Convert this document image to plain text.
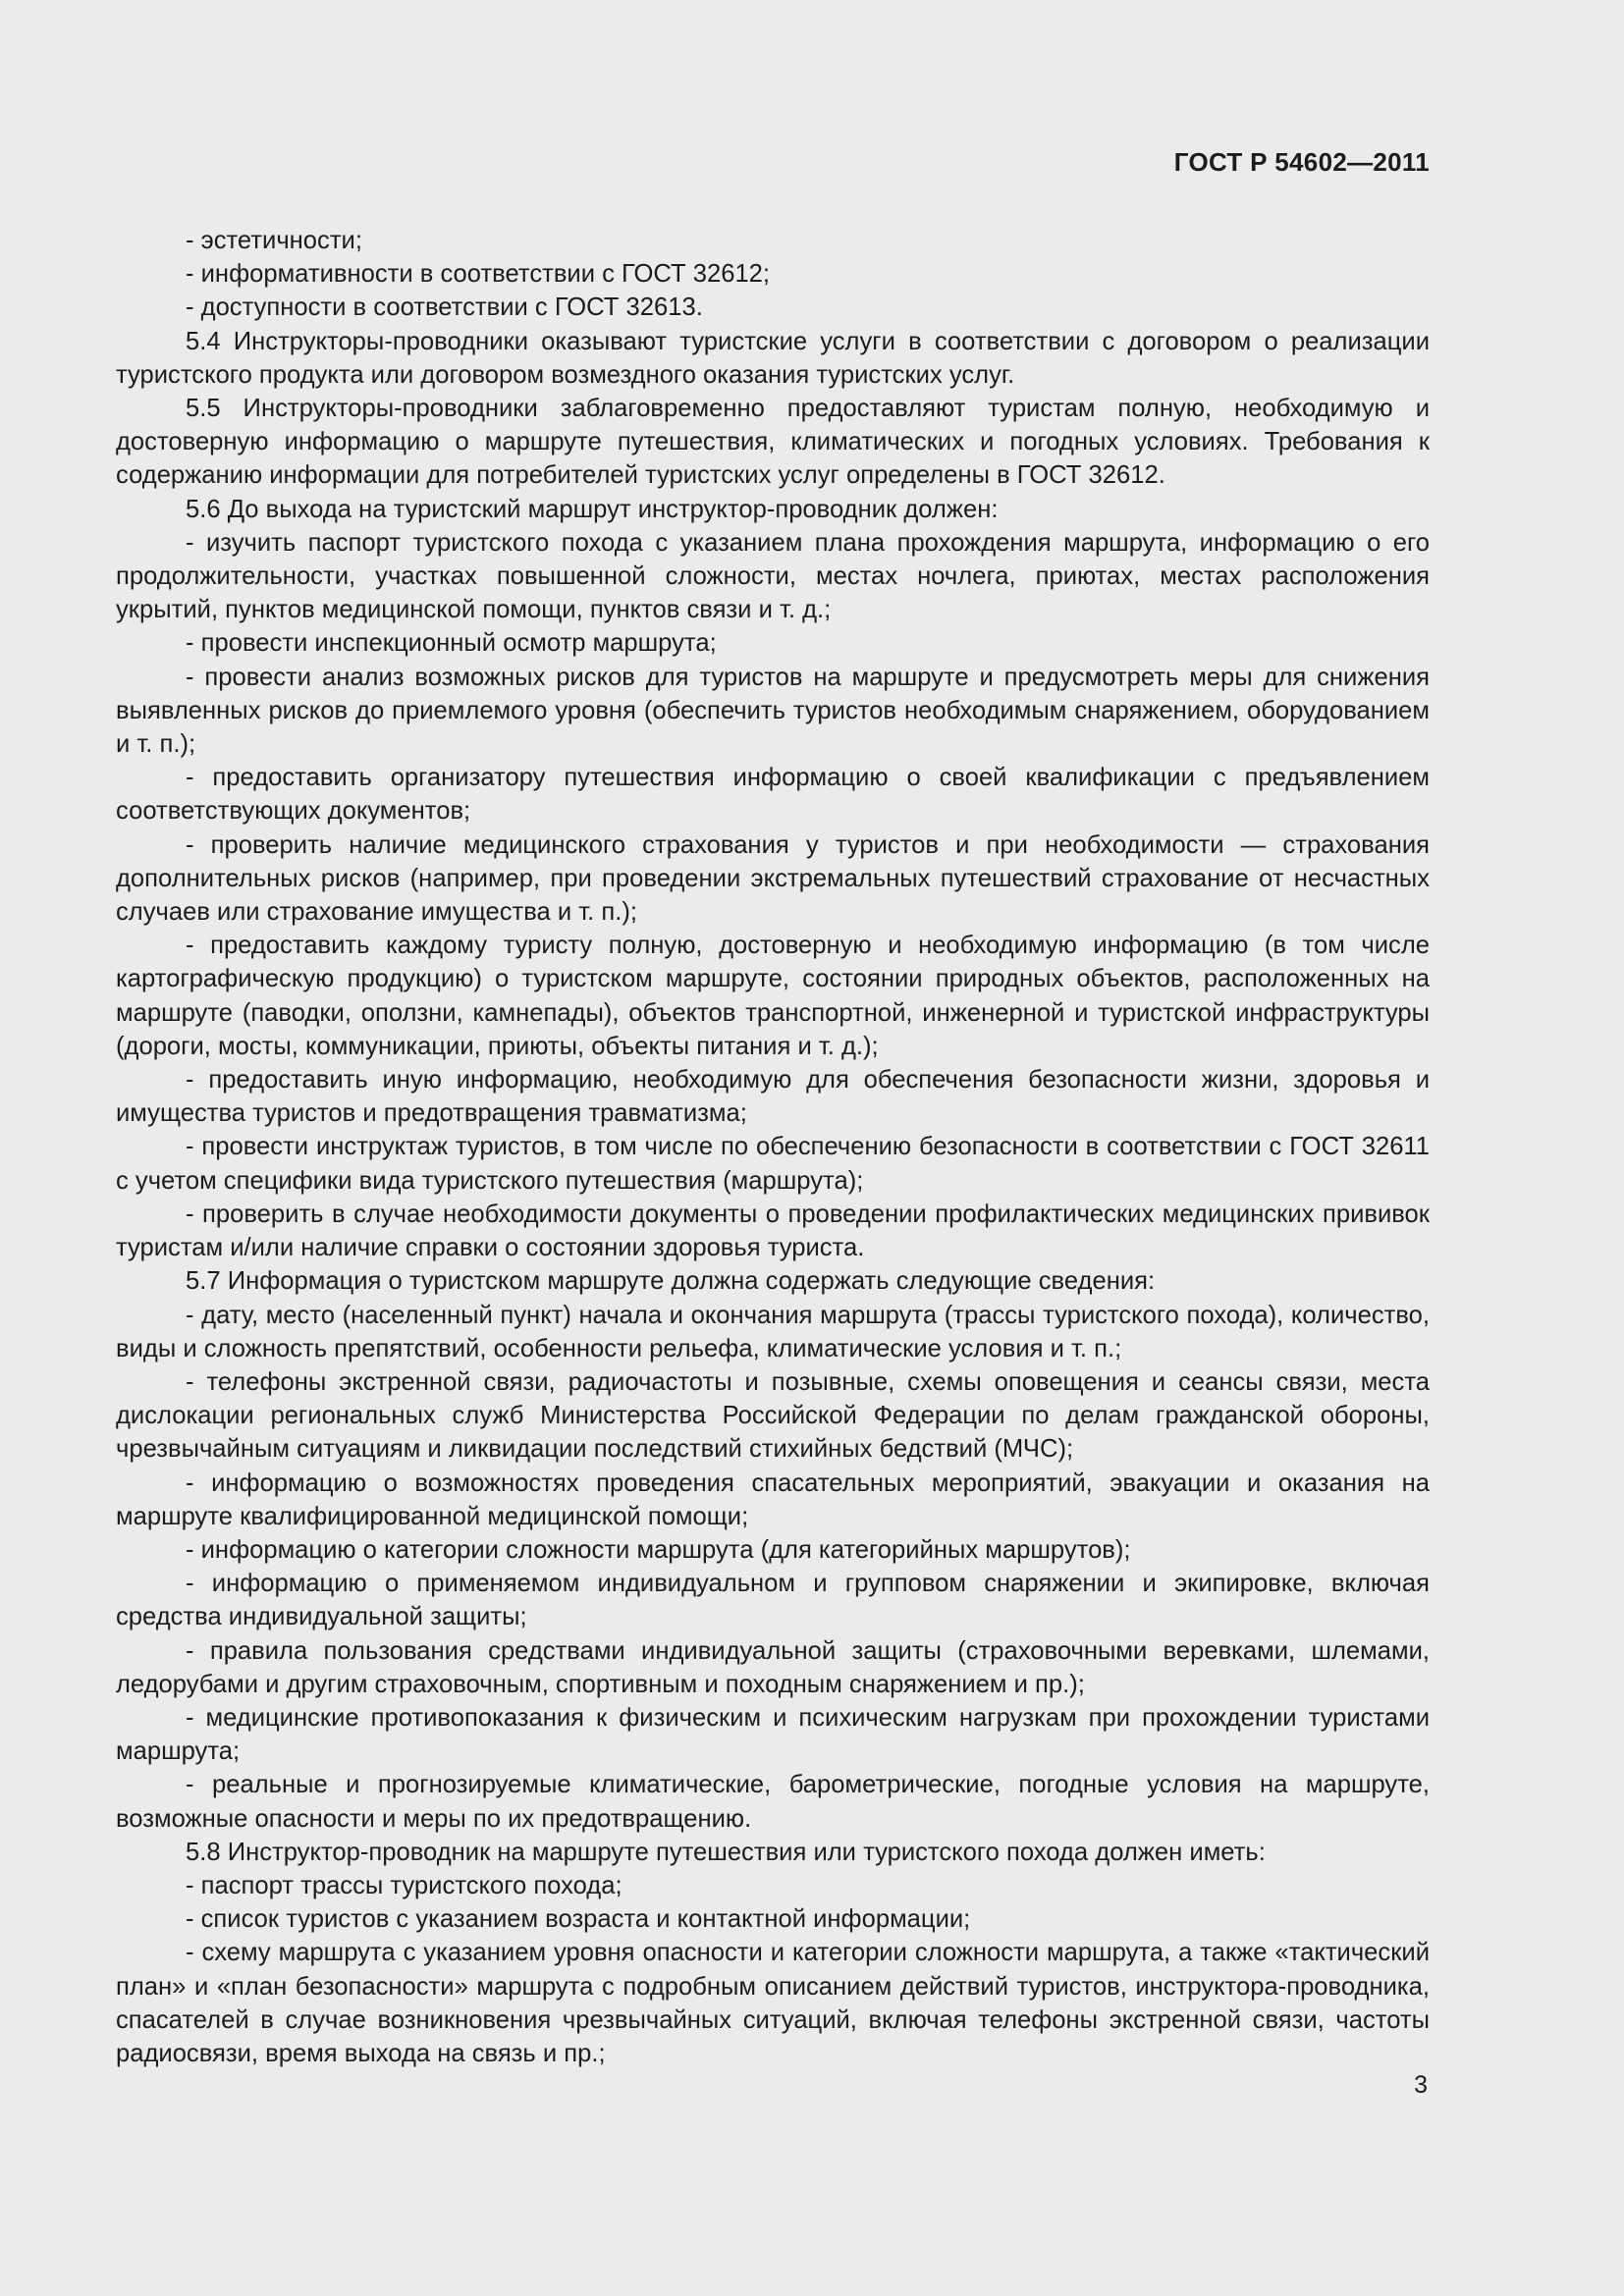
ГОСТ Р 54602—2011

- эстетичности;

- информативности в соответствии с ГОСТ 32612;

- доступности в соответствии с ГОСТ 32613.

5.4 Инструкторы-проводники оказывают туристские услуги в соответствии с договором о реализации туристского продукта или договором возмездного оказания туристских услуг.

5.5 Инструкторы-проводники заблаговременно предоставляют туристам полную, необходимую и достоверную информацию о маршруте путешествия, климатических и погодных условиях. Требования к содержанию информации для потребителей туристских услуг определены в ГОСТ 32612.

5.6 До выхода на туристский маршрут инструктор-проводник должен:

- изучить паспорт туристского похода с указанием плана прохождения маршрута, информацию о его продолжительности, участках повышенной сложности, местах ночлега, приютах, местах расположения укрытий, пунктов медицинской помощи, пунктов связи и т. д.;

- провести инспекционный осмотр маршрута;

- провести анализ возможных рисков для туристов на маршруте и предусмотреть меры для снижения выявленных рисков до приемлемого уровня (обеспечить туристов необходимым снаряжением, оборудованием и т. п.);

- предоставить организатору путешествия информацию о своей квалификации с предъявлением соответствующих документов;

- проверить наличие медицинского страхования у туристов и при необходимости — страхования дополнительных рисков (например, при проведении экстремальных путешествий страхование от несчастных случаев или страхование имущества и т. п.);

- предоставить каждому туристу полную, достоверную и необходимую информацию (в том числе картографическую продукцию) о туристском маршруте, состоянии природных объектов, расположенных на маршруте (паводки, оползни, камнепады), объектов транспортной, инженерной и туристской инфраструктуры (дороги, мосты, коммуникации, приюты, объекты питания и т. д.);

- предоставить иную информацию, необходимую для обеспечения безопасности жизни, здоровья и имущества туристов и предотвращения травматизма;

- провести инструктаж туристов, в том числе по обеспечению безопасности в соответствии с ГОСТ 32611 с учетом специфики вида туристского путешествия (маршрута);

- проверить в случае необходимости документы о проведении профилактических медицинских прививок туристам и/или наличие справки о состоянии здоровья туриста.

5.7 Информация о туристском маршруте должна содержать следующие сведения:

- дату, место (населенный пункт) начала и окончания маршрута (трассы туристского похода), количество, виды и сложность препятствий, особенности рельефа, климатические условия и т. п.;

- телефоны экстренной связи, радиочастоты и позывные, схемы оповещения и сеансы связи, места дислокации региональных служб Министерства Российской Федерации по делам гражданской обороны, чрезвычайным ситуациям и ликвидации последствий стихийных бедствий (МЧС);

- информацию о возможностях проведения спасательных мероприятий, эвакуации и оказания на маршруте квалифицированной медицинской помощи;

- информацию о категории сложности маршрута (для категорийных маршрутов);

- информацию о применяемом индивидуальном и групповом снаряжении и экипировке, включая средства индивидуальной защиты;

- правила пользования средствами индивидуальной защиты (страховочными веревками, шлемами, ледорубами и другим страховочным, спортивным и походным снаряжением и пр.);

- медицинские противопоказания к физическим и психическим нагрузкам при прохождении туристами маршрута;

- реальные и прогнозируемые климатические, барометрические, погодные условия на маршруте, возможные опасности и меры по их предотвращению.

5.8 Инструктор-проводник на маршруте путешествия или туристского похода должен иметь:

- паспорт трассы туристского похода;

- список туристов с указанием возраста и контактной информации;

- схему маршрута с указанием уровня опасности и категории сложности маршрута, а также «тактический план» и «план безопасности» маршрута с подробным описанием действий туристов, инструктора-проводника, спасателей в случае возникновения чрезвычайных ситуаций, включая телефоны экстренной связи, частоты радиосвязи, время выхода на связь и пр.;

3
